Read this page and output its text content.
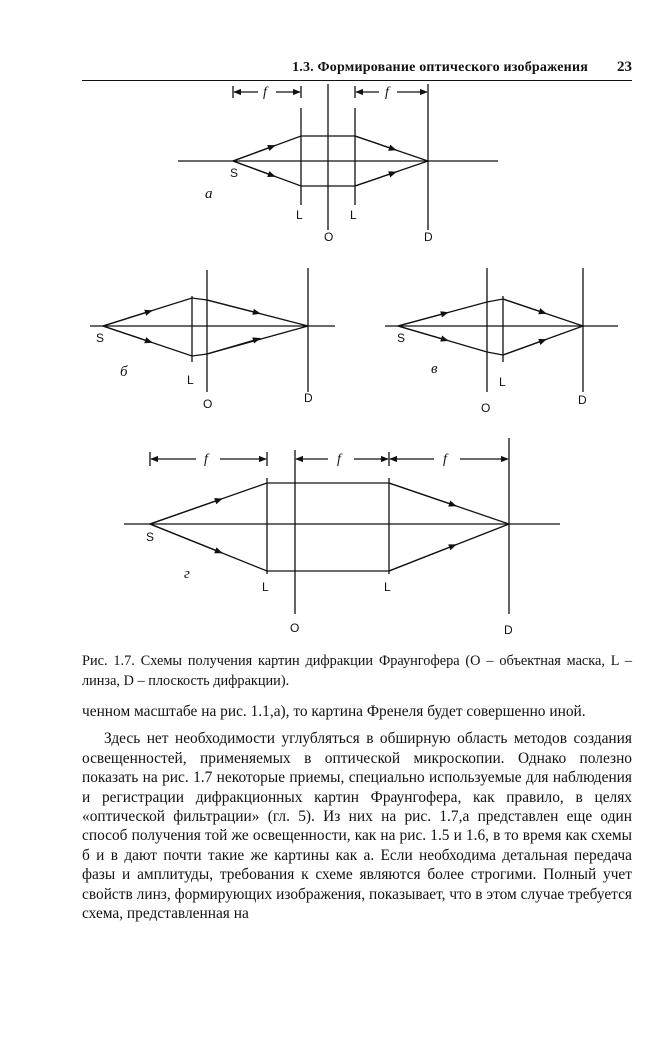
1.3. Формирование оптического изображения 23
f	f
S
а
L	L
O	D
S
б	L
O	D
S
в
L
O
D
f	f	f
S
г
L	L
O	D
Рис. 1.7. Схемы получения картин дифракции Фраунгофера (О – объектная маска, L – линза, D – плоскость дифракции).

ченном масштабе на рис. 1.1,а), то картина Френеля будет совершенно иной.

Здесь нет необходимости углубляться в обширную область методов создания освещенностей, применяемых в оптической микроскопии. Однако полезно показать на рис. 1.7 некоторые приемы, специально используемые для наблюдения и регистрации дифракционных картин Фраунгофера, как правило, в целях «оптической фильтрации» (гл. 5). Из них на рис. 1.7,а представлен еще один способ получения той же освещенности, как на рис. 1.5 и 1.6, в то время как схемы б и в дают почти такие же картины как а. Если необходима детальная передача фазы и амплитуды, требования к схеме являются более строгими. Полный учет свойств линз, формирующих изображения, показывает, что в этом случае требуется схема, представленная на
